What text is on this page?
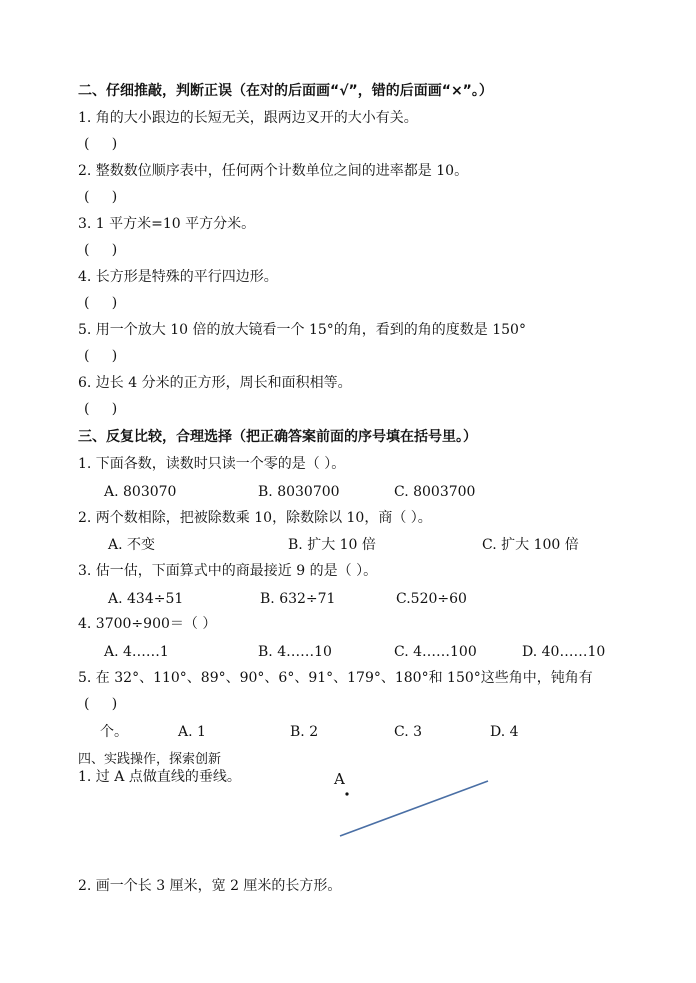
二、仔细推敲，判断正误（在对的后面画“√”，错的后面画“×”。）
1. 角的大小跟边的长短无关，跟两边叉开的大小有关。
(     )
2. 整数数位顺序表中，任何两个计数单位之间的进率都是 10。
(     )
3. 1 平方米=10 平方分米。
(     )
4. 长方形是特殊的平行四边形。
(     )
5. 用一个放大 10 倍的放大镜看一个 15°的角，看到的角的度数是 150°
(     )
6. 边长 4 分米的正方形，周长和面积相等。
(     )
三、反复比较，合理选择（把正确答案前面的序号填在括号里。）
1. 下面各数，读数时只读一个零的是（ ）。
A. 803070	B. 8030700	C. 8003700
2. 两个数相除，把被除数乘 10，除数除以 10，商（ ）。
A. 不变	B. 扩大 10 倍	C. 扩大 100 倍
3. 估一估，下面算式中的商最接近 9 的是（ ）。
A. 434÷51	B. 632÷71	C.520÷60
4. 3700÷900＝（ ）
A. 4……1	B. 4……10	C. 4……100	D. 40……10
5. 在 32°、110°、89°、90°、6°、91°、179°、180°和 150°这些角中，钝角有
(     )
个。	A. 1	B. 2	C. 3	D. 4
四、实践操作，探索创新
1. 过 A 点做直线的垂线。	A
2. 画一个长 3 厘米，宽 2 厘米的长方形。
